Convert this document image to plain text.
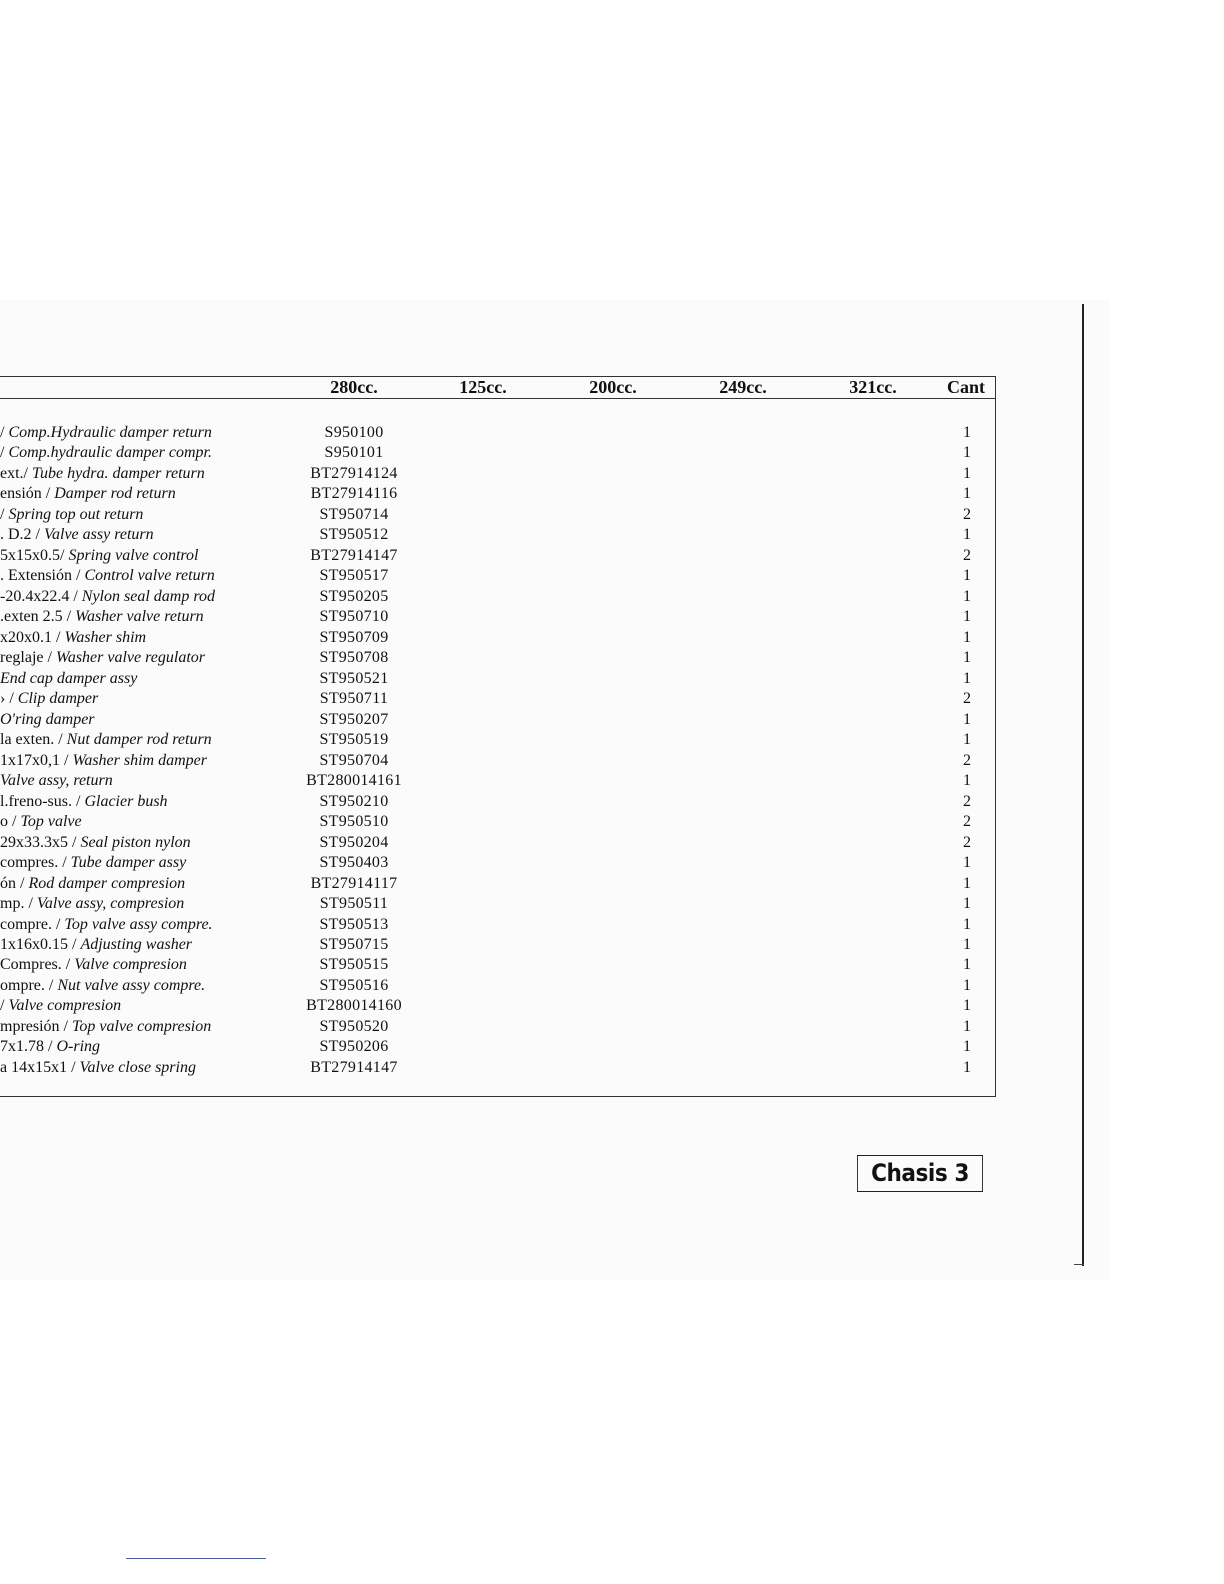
280cc.	125cc.	200cc.	249cc.	321cc.	Cant
/ Comp.Hydraulic damper return	S950100	1
/ Comp.hydraulic damper compr.	S950101	1
ext./ Tube hydra. damper return	BT27914124	1
ensión / Damper rod return	BT27914116	1
/ Spring top out return	ST950714	2
. D.2 / Valve assy return	ST950512	1
5x15x0.5/ Spring valve control	BT27914147	2
. Extensión / Control valve return	ST950517	1
-20.4x22.4 / Nylon seal damp rod	ST950205	1
.exten 2.5 / Washer valve return	ST950710	1
x20x0.1 / Washer shim	ST950709	1
reglaje / Washer valve regulator	ST950708	1
End cap damper assy	ST950521	1
› / Clip damper	ST950711	2
O'ring damper	ST950207	1
la exten. / Nut damper rod return	ST950519	1
1x17x0,1 / Washer shim damper	ST950704	2
Valve assy, return	BT280014161	1
l.freno-sus. / Glacier bush	ST950210	2
o / Top valve	ST950510	2
29x33.3x5 / Seal piston nylon	ST950204	2
compres. / Tube damper assy	ST950403	1
ón / Rod damper compresion	BT27914117	1
mp. / Valve assy, compresion	ST950511	1
compre. / Top valve assy compre.	ST950513	1
1x16x0.15 / Adjusting washer	ST950715	1
Compres. / Valve compresion	ST950515	1
ompre. / Nut valve assy compre.	ST950516	1
/ Valve compresion	BT280014160	1
mpresión / Top valve compresion	ST950520	1
7x1.78 / O-ring	ST950206	1
a 14x15x1 / Valve close spring	BT27914147	1
Chasis 3
